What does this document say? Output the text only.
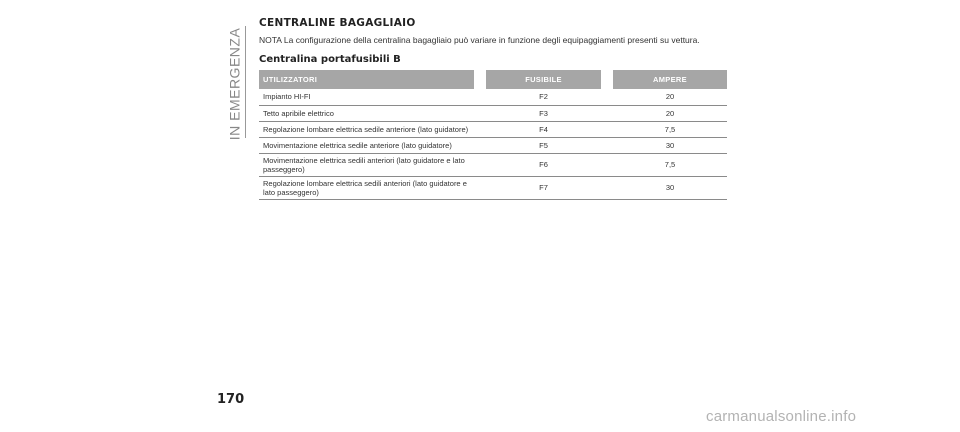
IN EMERGENZA
CENTRALINE BAGAGLIAIO

NOTA La configurazione della centralina bagagliaio può variare in funzione degli equipaggiamenti presenti su vettura.

Centralina portafusibili B
UTILIZZATORI		FUSIBILE		AMPERE
Impianto HI-FI		F2		20
Tetto apribile elettrico		F3		20
Regolazione lombare elettrica sedile anteriore (lato guidatore)		F4		7,5
Movimentazione elettrica sedile anteriore (lato guidatore)		F5		30
Movimentazione elettrica sedili anteriori (lato guidatore e lato passeggero)		F6		7,5
Regolazione lombare elettrica sedili anteriori (lato guidatore e lato passeggero)		F7		30
170
carmanualsonline.info
